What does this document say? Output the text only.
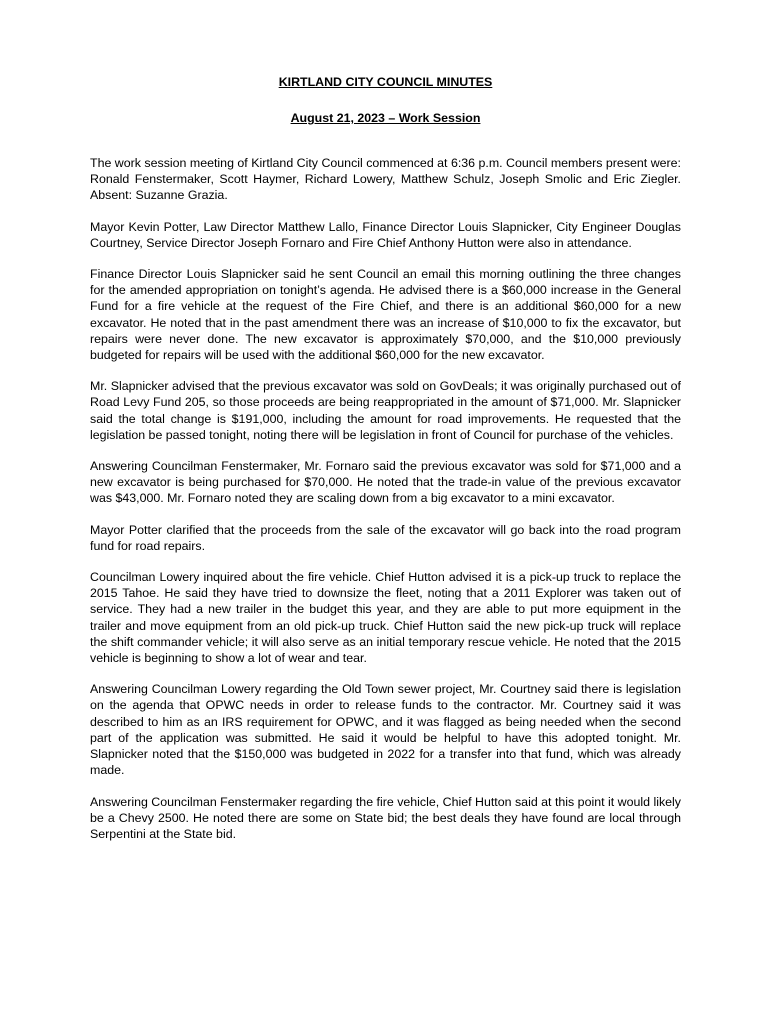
KIRTLAND CITY COUNCIL MINUTES

August 21, 2023 – Work Session

The work session meeting of Kirtland City Council commenced at 6:36 p.m. Council members present were: Ronald Fenstermaker, Scott Haymer, Richard Lowery, Matthew Schulz, Joseph Smolic and Eric Ziegler. Absent: Suzanne Grazia.

Mayor Kevin Potter, Law Director Matthew Lallo, Finance Director Louis Slapnicker, City Engineer Douglas Courtney, Service Director Joseph Fornaro and Fire Chief Anthony Hutton were also in attendance.

Finance Director Louis Slapnicker said he sent Council an email this morning outlining the three changes for the amended appropriation on tonight’s agenda. He advised there is a $60,000 increase in the General Fund for a fire vehicle at the request of the Fire Chief, and there is an additional $60,000 for a new excavator. He noted that in the past amendment there was an increase of $10,000 to fix the excavator, but repairs were never done. The new excavator is approximately $70,000, and the $10,000 previously budgeted for repairs will be used with the additional $60,000 for the new excavator.

Mr. Slapnicker advised that the previous excavator was sold on GovDeals; it was originally purchased out of Road Levy Fund 205, so those proceeds are being reappropriated in the amount of $71,000. Mr. Slapnicker said the total change is $191,000, including the amount for road improvements. He requested that the legislation be passed tonight, noting there will be legislation in front of Council for purchase of the vehicles.

Answering Councilman Fenstermaker, Mr. Fornaro said the previous excavator was sold for $71,000 and a new excavator is being purchased for $70,000. He noted that the trade-in value of the previous excavator was $43,000. Mr. Fornaro noted they are scaling down from a big excavator to a mini excavator.

Mayor Potter clarified that the proceeds from the sale of the excavator will go back into the road program fund for road repairs.

Councilman Lowery inquired about the fire vehicle. Chief Hutton advised it is a pick-up truck to replace the 2015 Tahoe. He said they have tried to downsize the fleet, noting that a 2011 Explorer was taken out of service. They had a new trailer in the budget this year, and they are able to put more equipment in the trailer and move equipment from an old pick-up truck. Chief Hutton said the new pick-up truck will replace the shift commander vehicle; it will also serve as an initial temporary rescue vehicle. He noted that the 2015 vehicle is beginning to show a lot of wear and tear.

Answering Councilman Lowery regarding the Old Town sewer project, Mr. Courtney said there is legislation on the agenda that OPWC needs in order to release funds to the contractor. Mr. Courtney said it was described to him as an IRS requirement for OPWC, and it was flagged as being needed when the second part of the application was submitted. He said it would be helpful to have this adopted tonight. Mr. Slapnicker noted that the $150,000 was budgeted in 2022 for a transfer into that fund, which was already made.

Answering Councilman Fenstermaker regarding the fire vehicle, Chief Hutton said at this point it would likely be a Chevy 2500. He noted there are some on State bid; the best deals they have found are local through Serpentini at the State bid.
